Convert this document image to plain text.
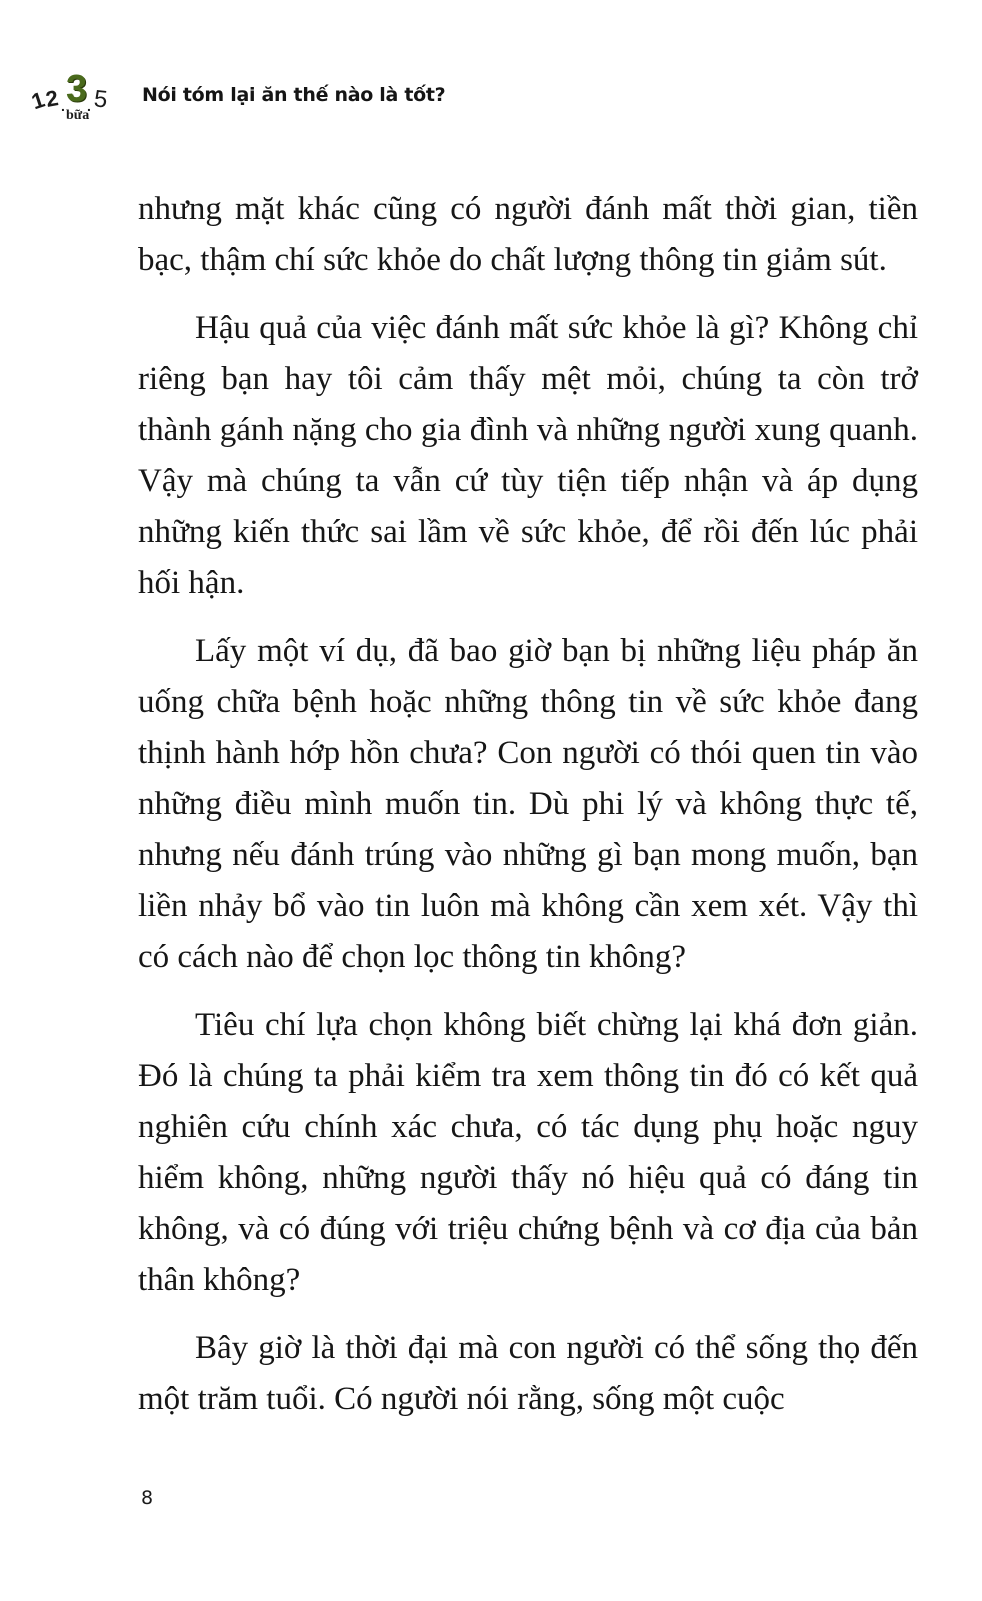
1
2 . 3 . 5
bữa
Nói tóm lại ăn thế nào là tốt?

nhưng mặt khác cũng có người đánh mất thời gian, tiền bạc, thậm chí sức khỏe do chất lượng thông tin giảm sút.

Hậu quả của việc đánh mất sức khỏe là gì? Không chỉ riêng bạn hay tôi cảm thấy mệt mỏi, chúng ta còn trở thành gánh nặng cho gia đình và những người xung quanh. Vậy mà chúng ta vẫn cứ tùy tiện tiếp nhận và áp dụng những kiến thức sai lầm về sức khỏe, để rồi đến lúc phải hối hận.

Lấy một ví dụ, đã bao giờ bạn bị những liệu pháp ăn uống chữa bệnh hoặc những thông tin về sức khỏe đang thịnh hành hớp hồn chưa? Con người có thói quen tin vào những điều mình muốn tin. Dù phi lý và không thực tế, nhưng nếu đánh trúng vào những gì bạn mong muốn, bạn liền nhảy bổ vào tin luôn mà không cần xem xét. Vậy thì có cách nào để chọn lọc thông tin không?

Tiêu chí lựa chọn không biết chừng lại khá đơn giản. Đó là chúng ta phải kiểm tra xem thông tin đó có kết quả nghiên cứu chính xác chưa, có tác dụng phụ hoặc nguy hiểm không, những người thấy nó hiệu quả có đáng tin không, và có đúng với triệu chứng bệnh và cơ địa của bản thân không?

Bây giờ là thời đại mà con người có thể sống thọ đến một trăm tuổi. Có người nói rằng, sống một cuộc

8
